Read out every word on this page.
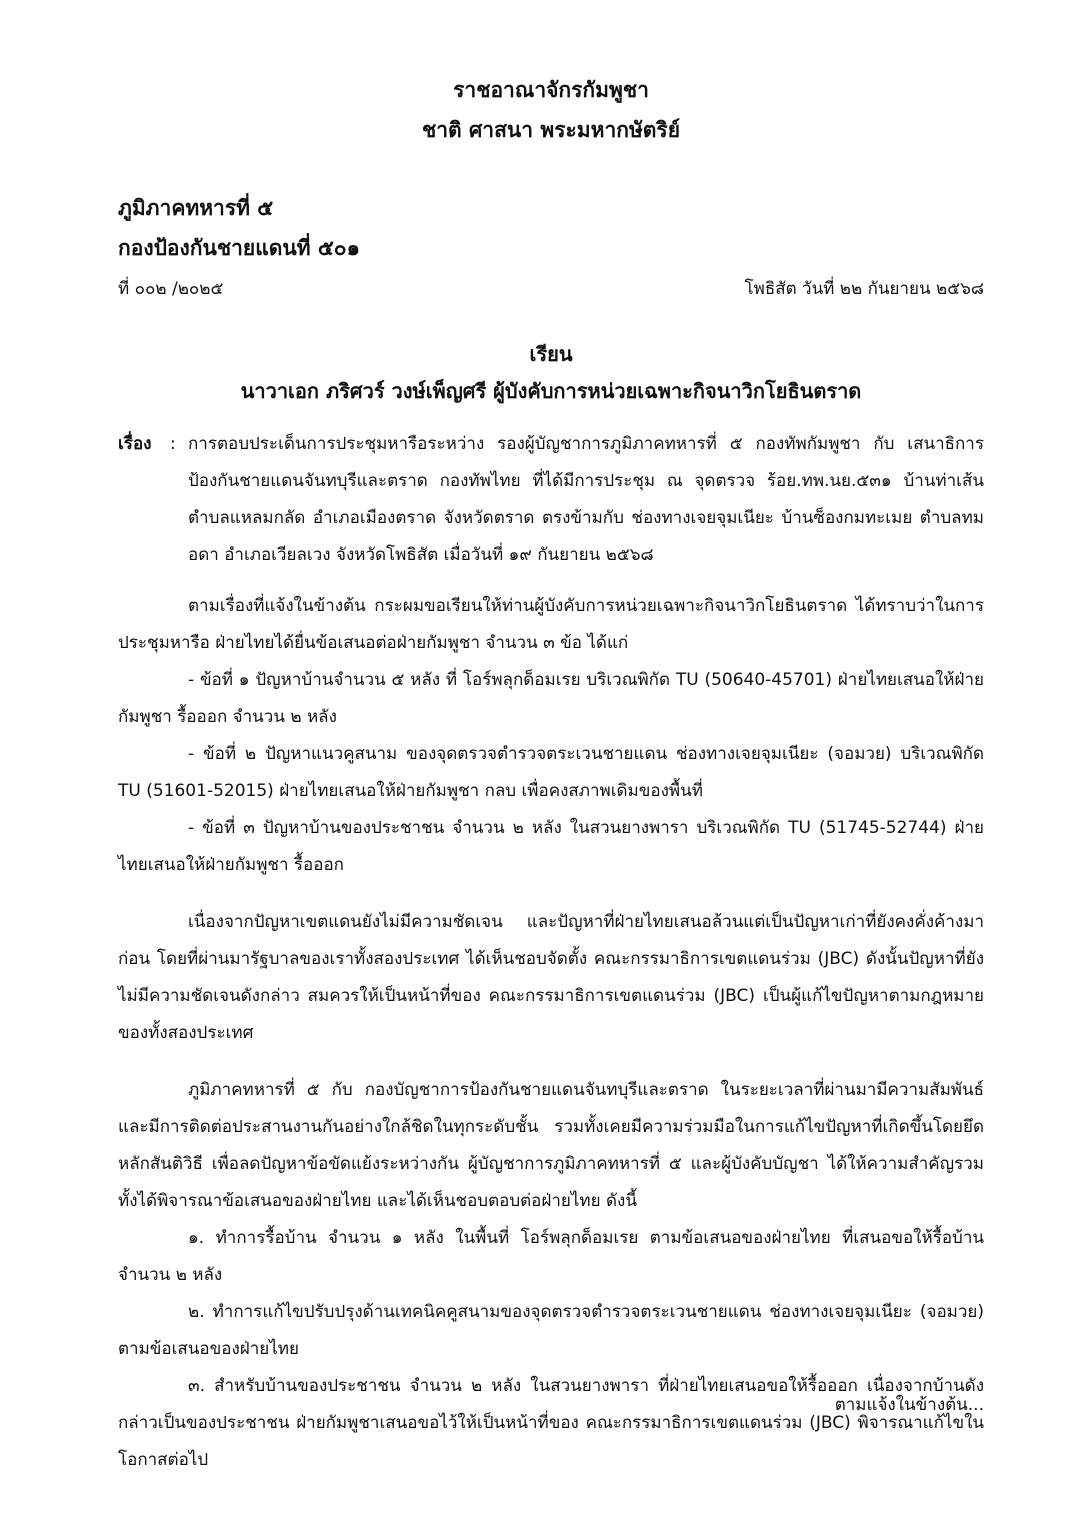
ราชอาณาจักรกัมพูชา
ชาติ ศาสนา พระมหากษัตริย์
ภูมิภาคทหารที่ ๕
กองป้องกันชายแดนที่ ๕๐๑
ที่ ๐๐๒ /๒๐๒๕	โพธิสัต วันที่ ๒๒ กันยายน ๒๕๖๘
เรียน
นาวาเอก ภริศวร์ วงษ์เพ็ญศรี ผู้บังคับการหน่วยเฉพาะกิจนาวิกโยธินตราด
เรื่อง	: การตอบประเด็นการประชุมหารือระหว่าง รองผู้บัญชาการภูมิภาคทหารที่ ๕ กองทัพกัมพูชา กับ เสนาธิการป้องกันชายแดนจันทบุรีและตราด กองทัพไทย ที่ได้มีการประชุม ณ จุดตรวจ ร้อย.ทพ.นย.๕๓๑ บ้านท่าเส้น ตำบลแหลมกลัด อำเภอเมืองตราด จังหวัดตราด ตรงข้ามกับ ช่องทางเจยจุมเนียะ บ้านซ็องกมทะเมย ตำบลทมอดา อำเภอเวียลเวง จังหวัดโพธิสัต เมื่อวันที่ ๑๙ กันยายน ๒๕๖๘
ตามเรื่องที่แจ้งในข้างต้น กระผมขอเรียนให้ท่านผู้บังคับการหน่วยเฉพาะกิจนาวิกโยธินตราด ได้ทราบว่าในการประชุมหารือ ฝ่ายไทยได้ยื่นข้อเสนอต่อฝ่ายกัมพูชา จำนวน ๓ ข้อ ได้แก่
- ข้อที่ ๑ ปัญหาบ้านจำนวน ๕ หลัง ที่ โอร์พลุกด็อมเรย บริเวณพิกัด TU (50640-45701) ฝ่ายไทยเสนอให้ฝ่ายกัมพูชา รื้อออก จำนวน ๒ หลัง
- ข้อที่ ๒ ปัญหาแนวคูสนาม ของจุดตรวจตำรวจตระเวนชายแดน ช่องทางเจยจุมเนียะ (จอมวย) บริเวณพิกัด TU (51601-52015) ฝ่ายไทยเสนอให้ฝ่ายกัมพูชา กลบ เพื่อคงสภาพเดิมของพื้นที่
- ข้อที่ ๓ ปัญหาบ้านของประชาชน จำนวน ๒ หลัง ในสวนยางพารา บริเวณพิกัด TU (51745-52744) ฝ่ายไทยเสนอให้ฝ่ายกัมพูชา รื้อออก
เนื่องจากปัญหาเขตแดนยังไม่มีความชัดเจน และปัญหาที่ฝ่ายไทยเสนอล้วนแต่เป็นปัญหาเก่าที่ยังคงคั่งค้างมาก่อน โดยที่ผ่านมารัฐบาลของเราทั้งสองประเทศ ได้เห็นชอบจัดตั้ง คณะกรรมาธิการเขตแดนร่วม (JBC) ดังนั้นปัญหาที่ยังไม่มีความชัดเจนดังกล่าว สมควรให้เป็นหน้าที่ของ คณะกรรมาธิการเขตแดนร่วม (JBC) เป็นผู้แก้ไขปัญหาตามกฎหมายของทั้งสองประเทศ
ภูมิภาคทหารที่ ๕ กับ กองบัญชาการป้องกันชายแดนจันทบุรีและตราด ในระยะเวลาที่ผ่านมามีความสัมพันธ์และมีการติดต่อประสานงานกันอย่างใกล้ชิดในทุกระดับชั้น รวมทั้งเคยมีความร่วมมือในการแก้ไขปัญหาที่เกิดขึ้นโดยยึดหลักสันติวิธี เพื่อลดปัญหาข้อขัดแย้งระหว่างกัน ผู้บัญชาการภูมิภาคทหารที่ ๕ และผู้บังคับบัญชา ได้ให้ความสำคัญรวมทั้งได้พิจารณาข้อเสนอของฝ่ายไทย และได้เห็นชอบตอบต่อฝ่ายไทย ดังนี้
๑. ทำการรื้อบ้าน จำนวน ๑ หลัง ในพื้นที่ โอร์พลุกด็อมเรย ตามข้อเสนอของฝ่ายไทย ที่เสนอขอให้รื้อบ้านจำนวน ๒ หลัง
๒. ทำการแก้ไขปรับปรุงด้านเทคนิคคูสนามของจุดตรวจตำรวจตระเวนชายแดน ช่องทางเจยจุมเนียะ (จอมวย) ตามข้อเสนอของฝ่ายไทย
๓. สำหรับบ้านของประชาชน จำนวน ๒ หลัง ในสวนยางพารา ที่ฝ่ายไทยเสนอขอให้รื้อออก เนื่องจากบ้านดังกล่าวเป็นของประชาชน ฝ่ายกัมพูชาเสนอขอไว้ให้เป็นหน้าที่ของ คณะกรรมาธิการเขตแดนร่วม (JBC) พิจารณาแก้ไขในโอกาสต่อไป
ตามแจ้งในข้างต้น...
